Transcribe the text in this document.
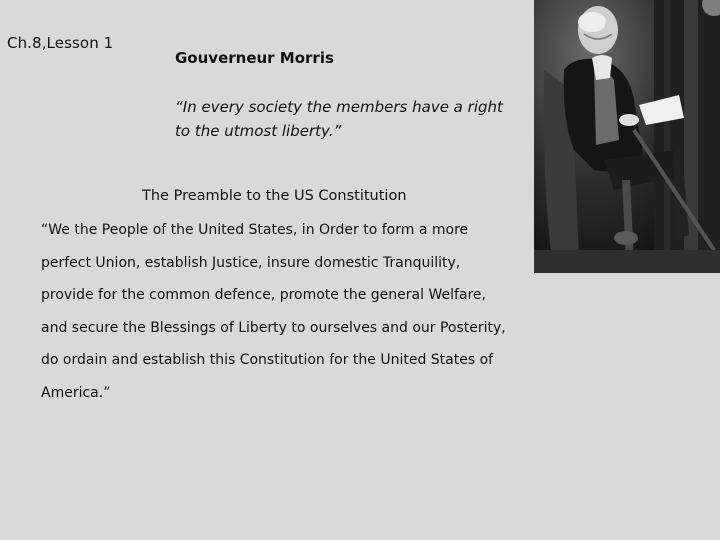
Ch.8,Lesson 1
Gouverneur Morris
“In every society the members have a right to the utmost liberty.”
The Preamble to the US Constitution
“We the People of the United States, in Order to form a more
perfect Union, establish Justice, insure domestic Tranquility,
provide for the common defence, promote the general Welfare,
and secure the Blessings of Liberty to ourselves and our Posterity,
do ordain and establish this Constitution for the United States of
America.”
